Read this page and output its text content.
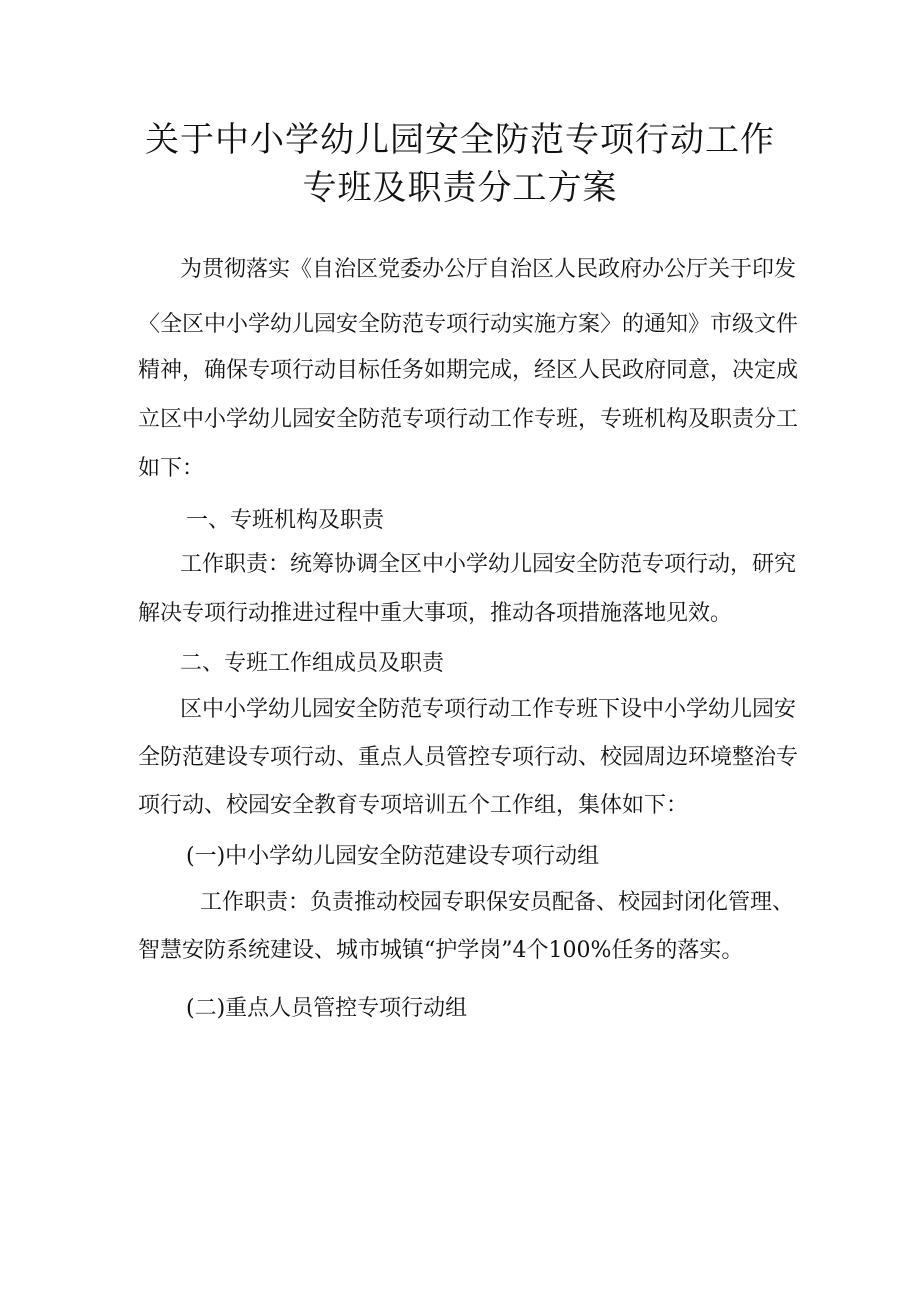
关于中小学幼儿园安全防范专项行动工作
专班及职责分工方案
为贯彻落实《自治区党委办公厅自治区人民政府办公厅关于印发
〈全区中小学幼儿园安全防范专项行动实施方案〉的通知》市级文件
精神，确保专项行动目标任务如期完成，经区人民政府同意，决定成
立区中小学幼儿园安全防范专项行动工作专班，专班机构及职责分工
如下：
一、专班机构及职责
工作职责：统筹协调全区中小学幼儿园安全防范专项行动，研究
解决专项行动推进过程中重大事项，推动各项措施落地见效。
二、专班工作组成员及职责
区中小学幼儿园安全防范专项行动工作专班下设中小学幼儿园安
全防范建设专项行动、重点人员管控专项行动、校园周边环境整治专
项行动、校园安全教育专项培训五个工作组，集体如下：
(一)中小学幼儿园安全防范建设专项行动组
工作职责：负责推动校园专职保安员配备、校园封闭化管理、
智慧安防系统建设、城市城镇“护学岗”4个100%任务的落实。
(二)重点人员管控专项行动组
